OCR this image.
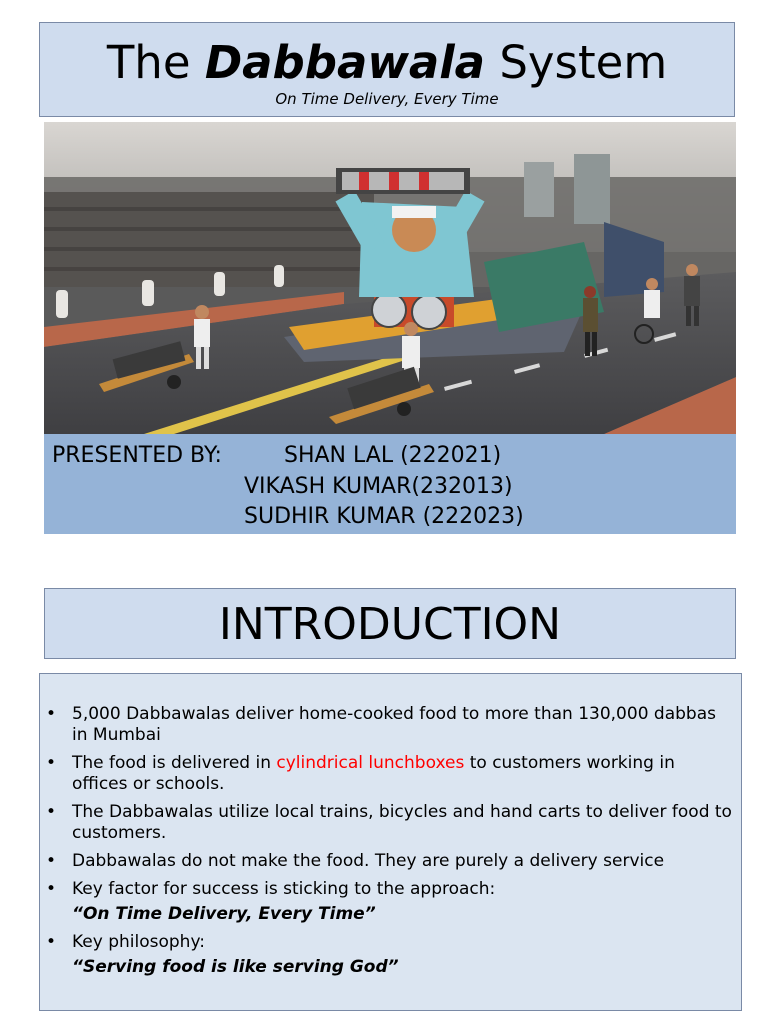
The Dabbawala System
On Time Delivery, Every Time
PRESENTED BY:	SHAN LAL (222021)
VIKASH KUMAR(232013)
SUDHIR KUMAR (222023)
INTRODUCTION
• 5,000 Dabbawalas deliver home-cooked food to more than 130,000 dabbas in Mumbai
• The food is delivered in cylindrical lunchboxes to customers working in offices or schools.
• The Dabbawalas utilize local trains, bicycles and hand carts to deliver food to customers.
• Dabbawalas do not make the food. They are purely a delivery service
• Key factor for success is sticking to the approach:
“On Time Delivery, Every Time”
• Key philosophy:
“Serving food is like serving God”
